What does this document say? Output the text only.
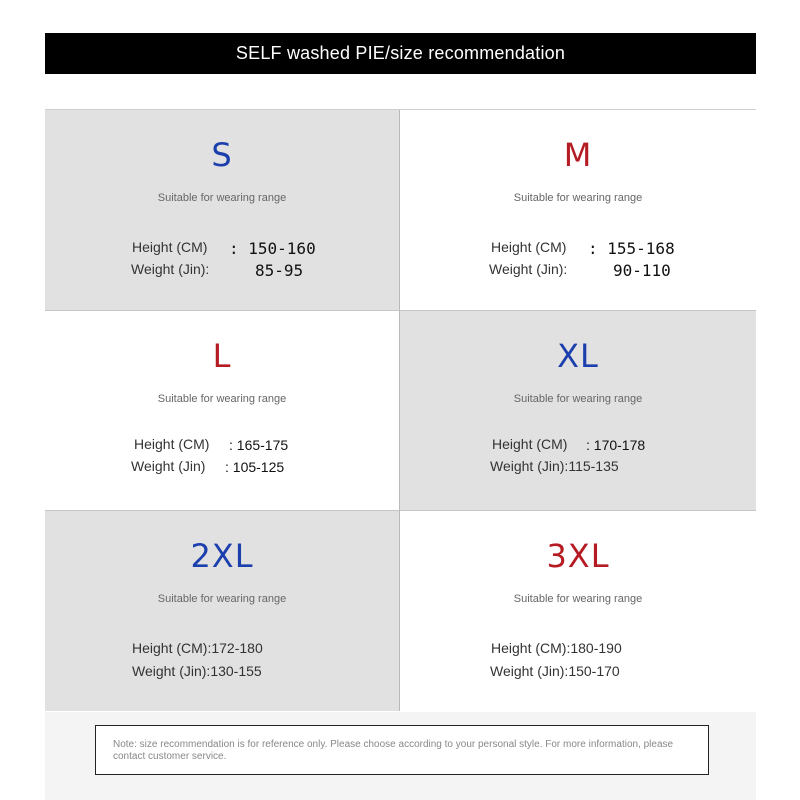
SELF washed PIE/size recommendation
S
Suitable for wearing range
Height (CM) : 150-160
Weight (Jin):	85-95
M
Suitable for wearing range
Height (CM) : 155-168
Weight (Jin):	90-110
L
Suitable for wearing range
Height (CM) : 165-175
Weight (Jin) : 105-125
XL
Suitable for wearing range
Height (CM) : 170-178
Weight (Jin):115-135
2XL
Suitable for wearing range
Height (CM):172-180
Weight (Jin):130-155
3XL
Suitable for wearing range
Height (CM):180-190
Weight (Jin):150-170
Note: size recommendation is for reference only. Please choose according to your personal style. For more information, please contact customer service.
